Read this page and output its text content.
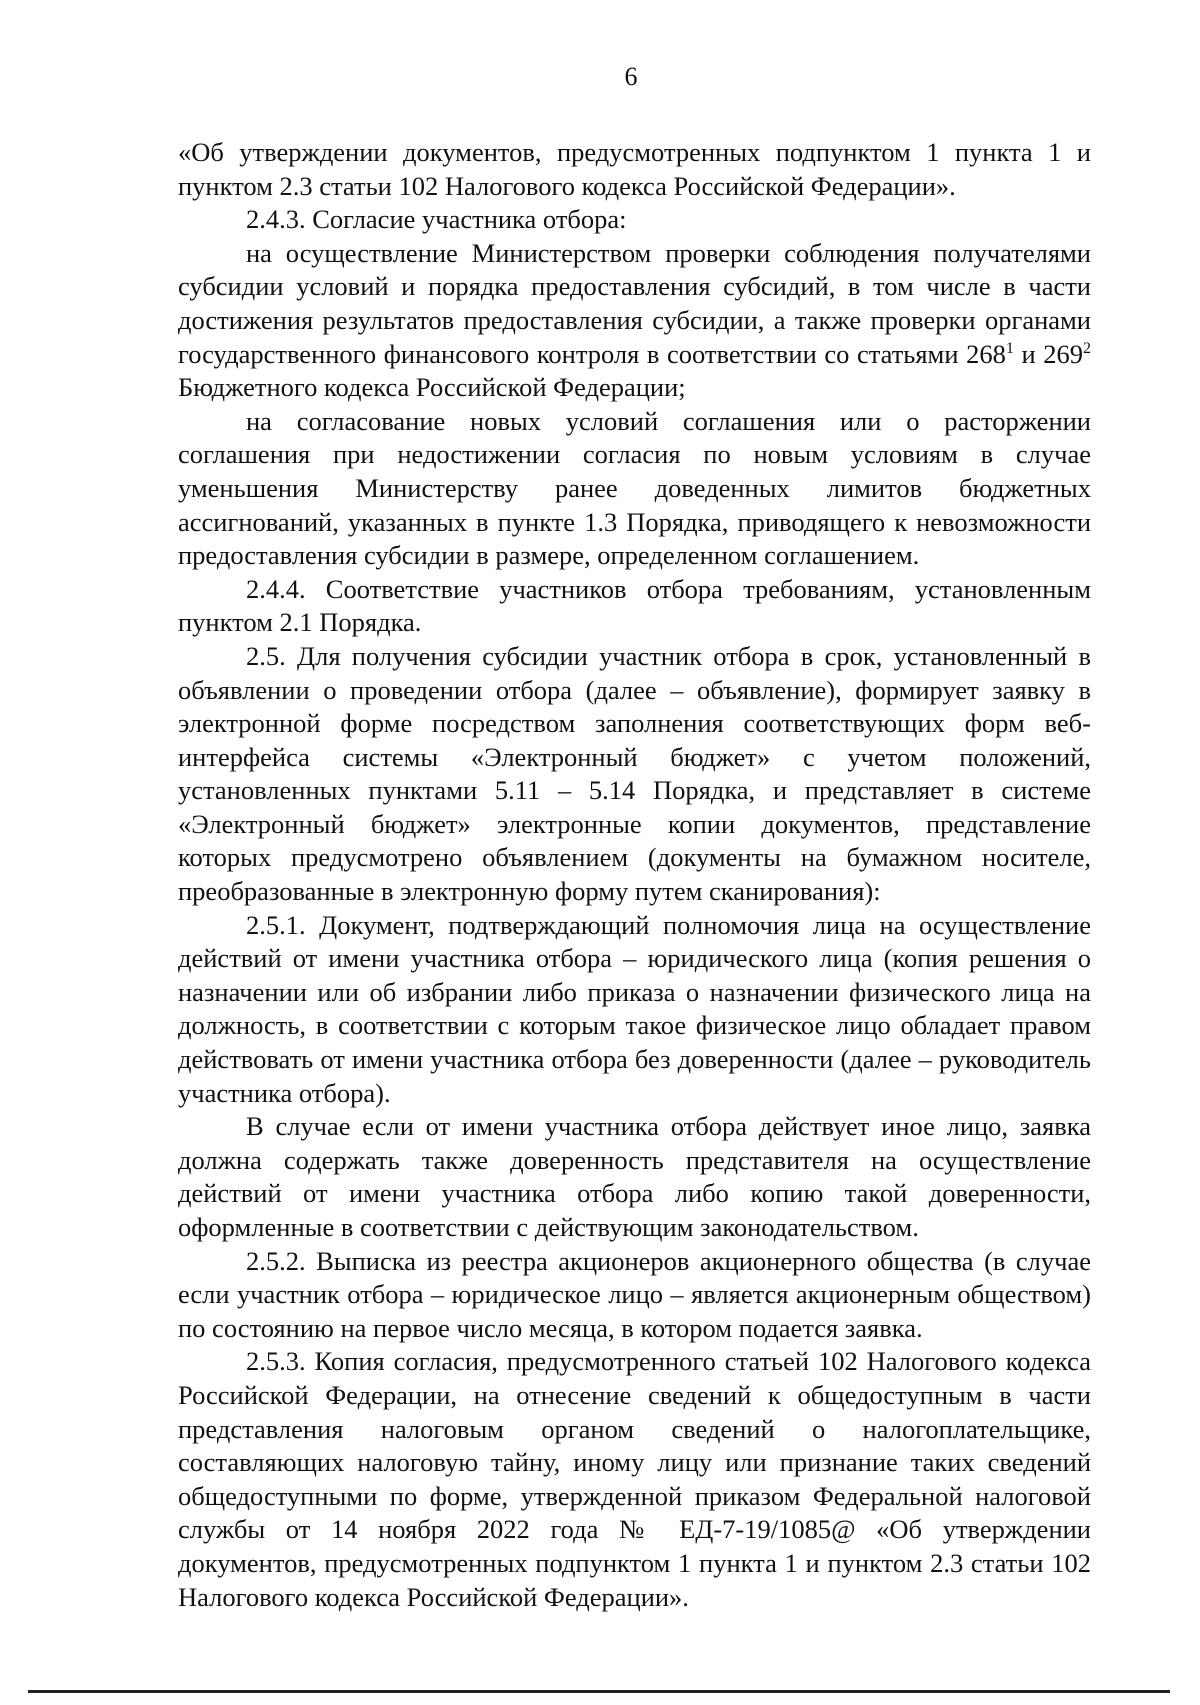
6

«Об утверждении документов, предусмотренных подпунктом 1 пункта 1 и пунктом 2.3 статьи 102 Налогового кодекса Российской Федерации».

2.4.3. Согласие участника отбора:

на осуществление Министерством проверки соблюдения получателями субсидии условий и порядка предоставления субсидий, в том числе в части достижения результатов предоставления субсидии, а также проверки органами государственного финансового контроля в соответствии со статьями $268^1$ и $269^2$ Бюджетного кодекса Российской Федерации;

на согласование новых условий соглашения или о расторжении соглашения при недостижении согласия по новым условиям в случае уменьшения Министерству ранее доведенных лимитов бюджетных ассигнований, указанных в пункте 1.3 Порядка, приводящего к невозможности предоставления субсидии в размере, определенном соглашением.

2.4.4. Соответствие участников отбора требованиям, установленным пунктом 2.1 Порядка.

2.5. Для получения субсидии участник отбора в срок, установленный в объявлении о проведении отбора (далее – объявление), формирует заявку в электронной форме посредством заполнения соответствующих форм веб-интерфейса системы «Электронный бюджет» с учетом положений, установленных пунктами 5.11 – 5.14 Порядка, и представляет в системе «Электронный бюджет» электронные копии документов, представление которых предусмотрено объявлением (документы на бумажном носителе, преобразованные в электронную форму путем сканирования):

2.5.1. Документ, подтверждающий полномочия лица на осуществление действий от имени участника отбора – юридического лица (копия решения о назначении или об избрании либо приказа о назначении физического лица на должность, в соответствии с которым такое физическое лицо обладает правом действовать от имени участника отбора без доверенности (далее – руководитель участника отбора).

В случае если от имени участника отбора действует иное лицо, заявка должна содержать также доверенность представителя на осуществление действий от имени участника отбора либо копию такой доверенности, оформленные в соответствии с действующим законодательством.

2.5.2. Выписка из реестра акционеров акционерного общества (в случае если участник отбора – юридическое лицо – является акционерным обществом) по состоянию на первое число месяца, в котором подается заявка.

2.5.3. Копия согласия, предусмотренного статьей 102 Налогового кодекса Российской Федерации, на отнесение сведений к общедоступным в части представления налоговым органом сведений о налогоплательщике, составляющих налоговую тайну, иному лицу или признание таких сведений общедоступными по форме, утвержденной приказом Федеральной налоговой службы от 14 ноября 2022 года № ЕД-7-19/1085@ «Об утверждении документов, предусмотренных подпунктом 1 пункта 1 и пунктом 2.3 статьи 102 Налогового кодекса Российской Федерации».
